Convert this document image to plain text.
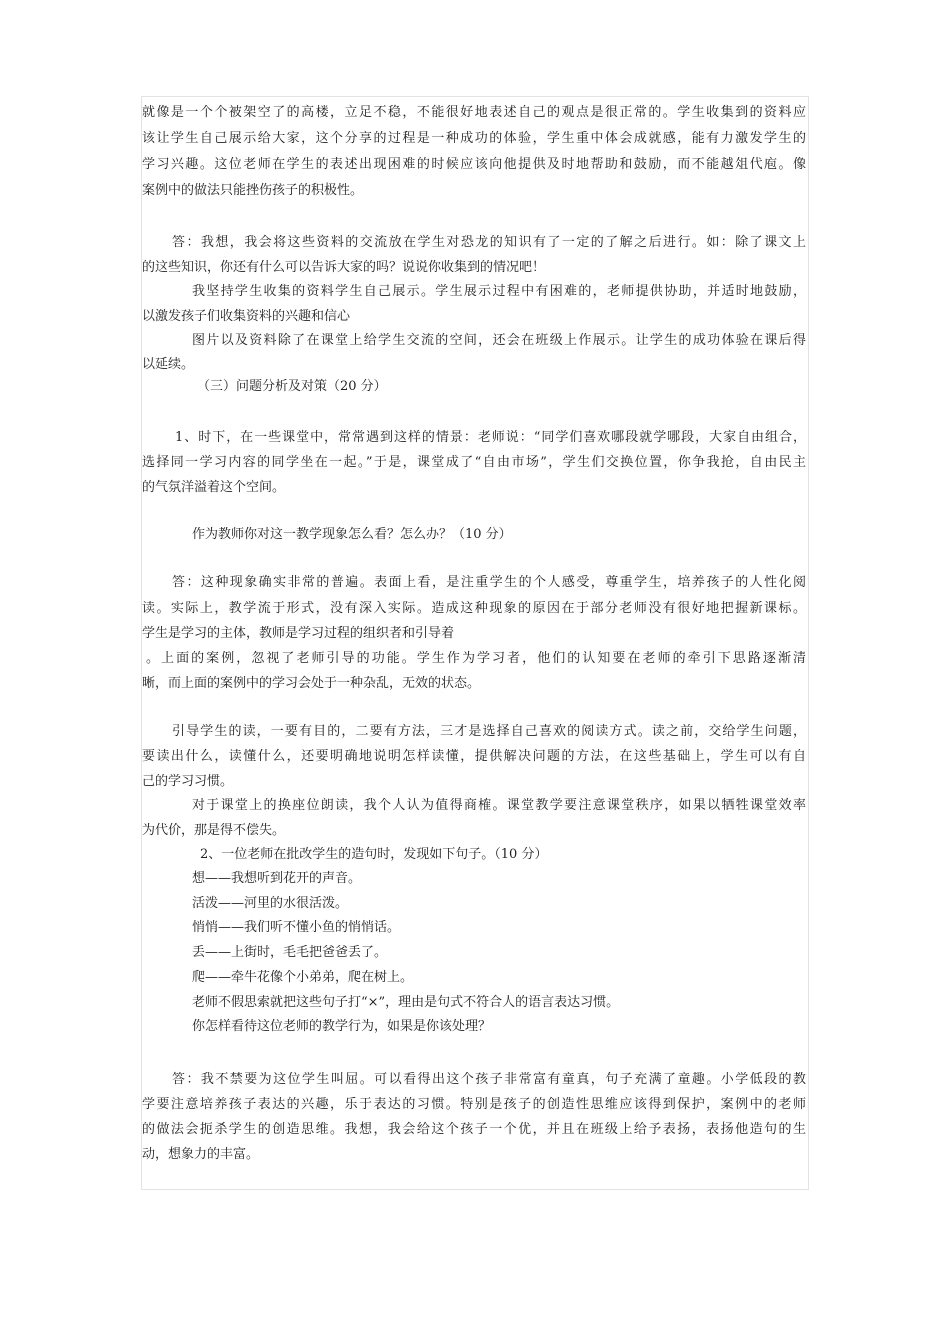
就像是一个个被架空了的高楼，立足不稳，不能很好地表述自己的观点是很正常的。学生收集到的资料应
该让学生自己展示给大家，这个分享的过程是一种成功的体验，学生重中体会成就感，能有力激发学生的
学习兴趣。这位老师在学生的表述出现困难的时候应该向他提供及时地帮助和鼓励，而不能越俎代庖。像
案例中的做法只能挫伤孩子的积极性。
答：我想，我会将这些资料的交流放在学生对恐龙的知识有了一定的了解之后进行。如：除了课文上
的这些知识，你还有什么可以告诉大家的吗？说说你收集到的情况吧！
我坚持学生收集的资料学生自己展示。学生展示过程中有困难的，老师提供协助，并适时地鼓励，
以激发孩子们收集资料的兴趣和信心
图片以及资料除了在课堂上给学生交流的空间，还会在班级上作展示。让学生的成功体验在课后得
以延续。
（三）问题分析及对策（20 分）
1、时下，在一些课堂中，常常遇到这样的情景：老师说：“同学们喜欢哪段就学哪段，大家自由组合，
选择同一学习内容的同学坐在一起。”于是，课堂成了“自由市场”，学生们交换位置，你争我抢，自由民主
的气氛洋溢着这个空间。
作为教师你对这一教学现象怎么看？怎么办？（10 分）
答：这种现象确实非常的普遍。表面上看，是注重学生的个人感受，尊重学生，培养孩子的人性化阅
读。实际上，教学流于形式，没有深入实际。造成这种现象的原因在于部分老师没有很好地把握新课标。
学生是学习的主体，教师是学习过程的组织者和引导着
。上面的案例，忽视了老师引导的功能。学生作为学习者，他们的认知要在老师的牵引下思路逐渐清
晰，而上面的案例中的学习会处于一种杂乱，无效的状态。
引导学生的读，一要有目的，二要有方法，三才是选择自己喜欢的阅读方式。读之前，交给学生问题，
要读出什么，读懂什么，还要明确地说明怎样读懂，提供解决问题的方法，在这些基础上，学生可以有自
己的学习习惯。
对于课堂上的换座位朗读，我个人认为值得商榷。课堂教学要注意课堂秩序，如果以牺牲课堂效率
为代价，那是得不偿失。
2、一位老师在批改学生的造句时，发现如下句子。（10 分）
想——我想听到花开的声音。
活泼——河里的水很活泼。
悄悄——我们听不懂小鱼的悄悄话。
丢——上街时，毛毛把爸爸丢了。
爬——牵牛花像个小弟弟，爬在树上。
老师不假思索就把这些句子打“×”，理由是句式不符合人的语言表达习惯。
你怎样看待这位老师的教学行为，如果是你该处理？
答：我不禁要为这位学生叫屈。可以看得出这个孩子非常富有童真，句子充满了童趣。小学低段的教
学要注意培养孩子表达的兴趣，乐于表达的习惯。特别是孩子的创造性思维应该得到保护，案例中的老师
的做法会扼杀学生的创造思维。我想，我会给这个孩子一个优，并且在班级上给予表扬，表扬他造句的生
动，想象力的丰富。
